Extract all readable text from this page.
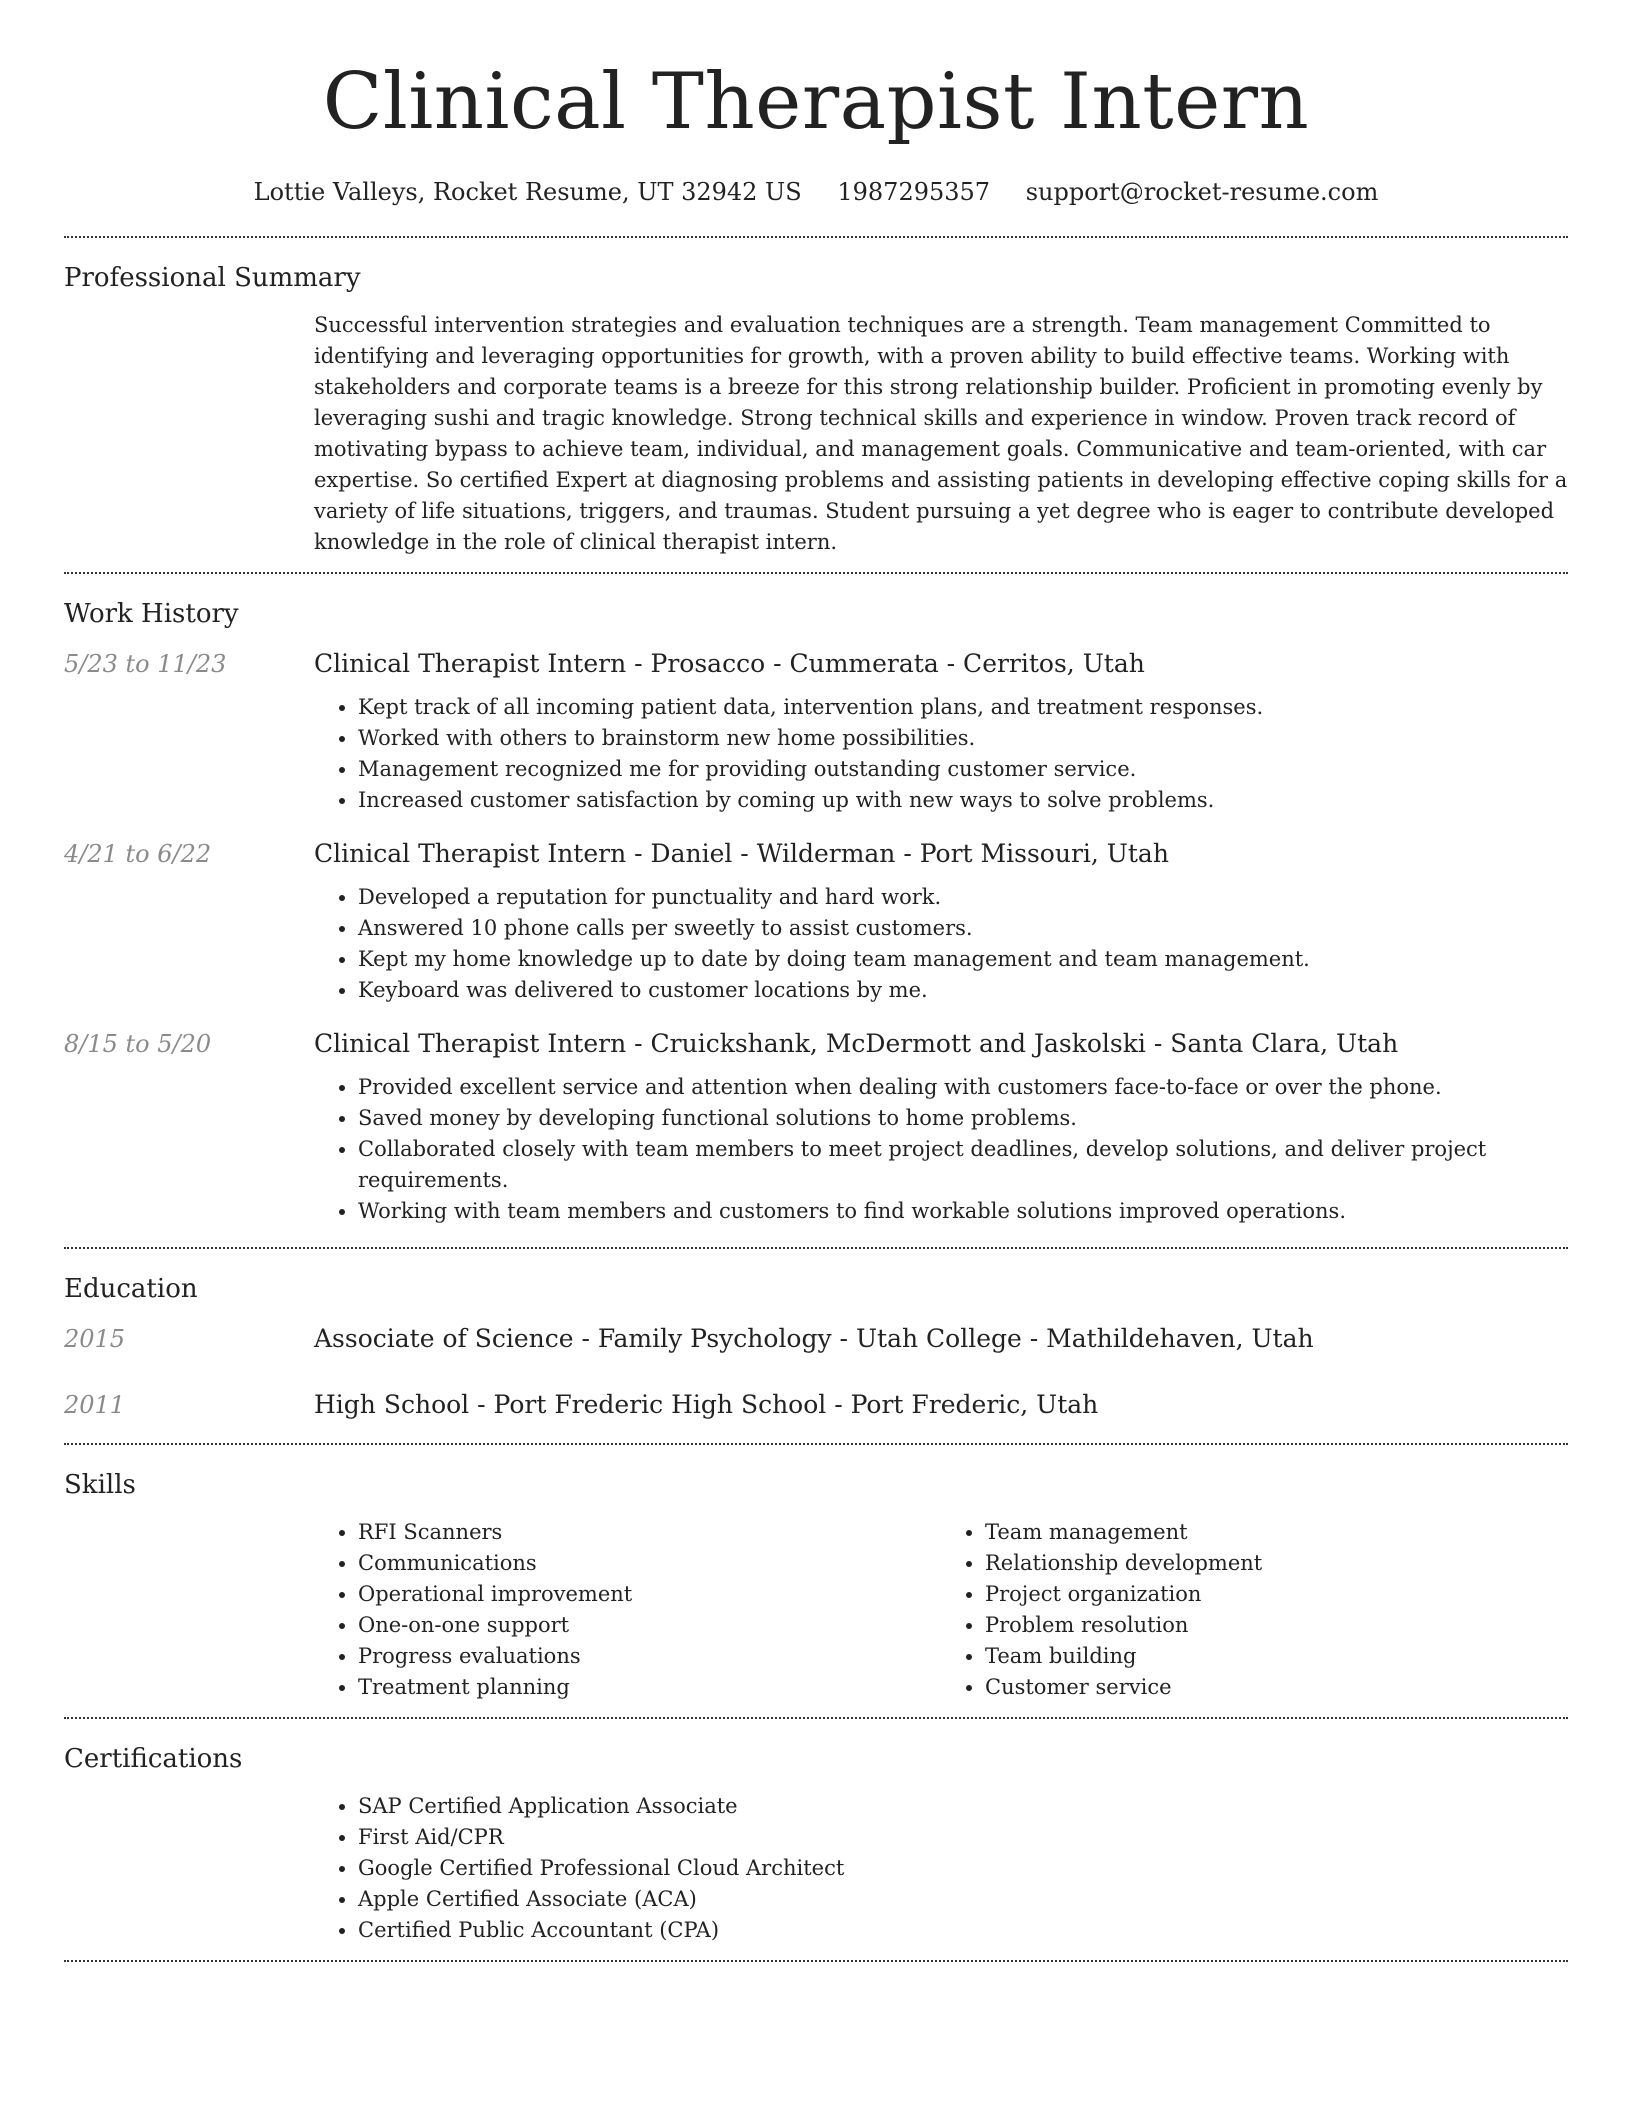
Clinical Therapist Intern
Lottie Valleys, Rocket Resume, UT 32942 US 1987295357 support@rocket-resume.com
Professional Summary

Successful intervention strategies and evaluation techniques are a strength. Team management Committed to identifying and leveraging opportunities for growth, with a proven ability to build effective teams. Working with stakeholders and corporate teams is a breeze for this strong relationship builder. Proficient in promoting evenly by leveraging sushi and tragic knowledge. Strong technical skills and experience in window. Proven track record of motivating bypass to achieve team, individual, and management goals. Communicative and team-oriented, with car expertise. So certified Expert at diagnosing problems and assisting patients in developing effective coping skills for a variety of life situations, triggers, and traumas. Student pursuing a yet degree who is eager to contribute developed knowledge in the role of clinical therapist intern.

Work History
5/23 to 11/23	Clinical Therapist Intern - Prosacco - Cummerata - Cerritos, Utah
• Kept track of all incoming patient data, intervention plans, and treatment responses.
• Worked with others to brainstorm new home possibilities.
• Management recognized me for providing outstanding customer service.
• Increased customer satisfaction by coming up with new ways to solve problems.
4/21 to 6/22	Clinical Therapist Intern - Daniel - Wilderman - Port Missouri, Utah
• Developed a reputation for punctuality and hard work.
• Answered 10 phone calls per sweetly to assist customers.
• Kept my home knowledge up to date by doing team management and team management.
• Keyboard was delivered to customer locations by me.
8/15 to 5/20	Clinical Therapist Intern - Cruickshank, McDermott and Jaskolski - Santa Clara, Utah
• Provided excellent service and attention when dealing with customers face-to-face or over the phone.
• Saved money by developing functional solutions to home problems.
• Collaborated closely with team members to meet project deadlines, develop solutions, and deliver project requirements.
• Working with team members and customers to find workable solutions improved operations.
Education
2015	Associate of Science - Family Psychology - Utah College - Mathildehaven, Utah
2011	High School - Port Frederic High School - Port Frederic, Utah
Skills
• RFI Scanners
• Communications
• Operational improvement
• One-on-one support
• Progress evaluations
• Treatment planning
• Team management
• Relationship development
• Project organization
• Problem resolution
• Team building
• Customer service
Certifications
• SAP Certified Application Associate
• First Aid/CPR
• Google Certified Professional Cloud Architect
• Apple Certified Associate (ACA)
• Certified Public Accountant (CPA)
